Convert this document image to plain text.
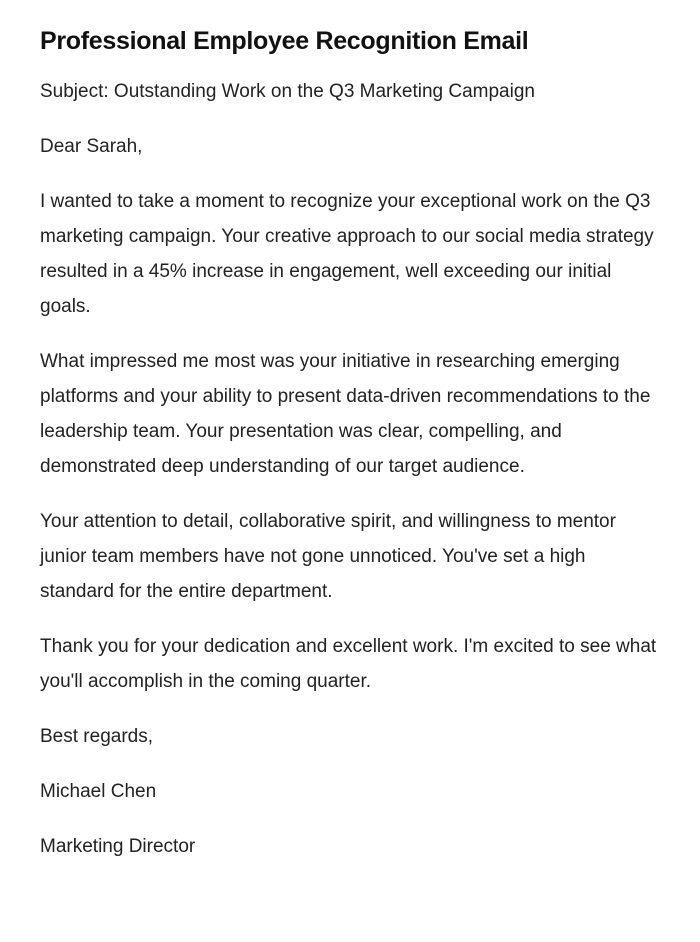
Professional Employee Recognition Email

Subject: Outstanding Work on the Q3 Marketing Campaign

Dear Sarah,

I wanted to take a moment to recognize your exceptional work on the Q3 marketing campaign. Your creative approach to our social media strategy resulted in a 45% increase in engagement, well exceeding our initial goals.

What impressed me most was your initiative in researching emerging platforms and your ability to present data-driven recommendations to the leadership team. Your presentation was clear, compelling, and demonstrated deep understanding of our target audience.

Your attention to detail, collaborative spirit, and willingness to mentor junior team members have not gone unnoticed. You've set a high standard for the entire department.

Thank you for your dedication and excellent work. I'm excited to see what you'll accomplish in the coming quarter.

Best regards,

Michael Chen

Marketing Director
